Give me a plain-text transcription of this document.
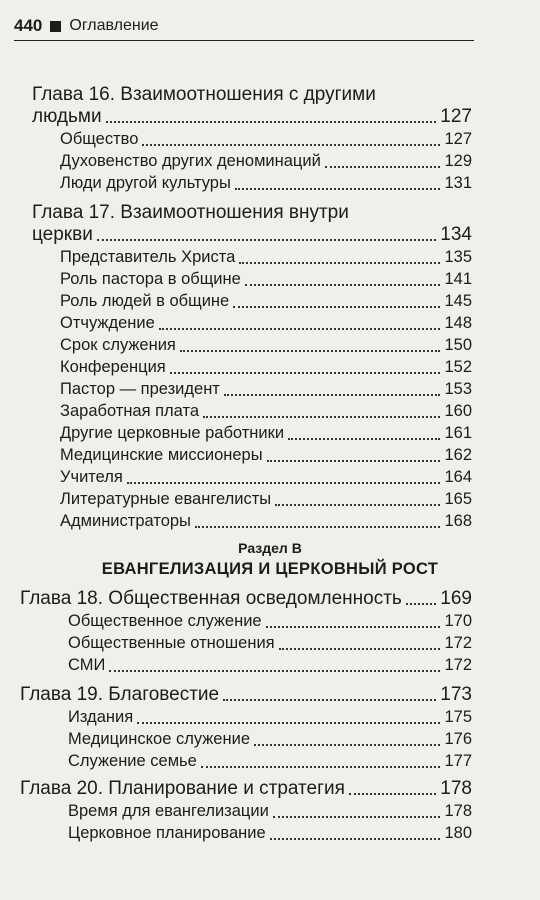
440 Оглавление
Глава 16. Взаимоотношения с другими
людьми	127
Общество	127
Духовенство других деноминаций	129
Люди другой культуры	131
Глава 17. Взаимоотношения внутри
церкви	134
Представитель Христа	135
Роль пастора в общине	141
Роль людей в общине	145
Отчуждение	148
Срок служения	150
Конференция	152
Пастор — президент	153
Заработная плата	160
Другие церковные работники	161
Медицинские миссионеры	162
Учителя	164
Литературные евангелисты	165
Администраторы	168
Раздел В
ЕВАНГЕЛИЗАЦИЯ И ЦЕРКОВНЫЙ РОСТ
Глава 18. Общественная осведомленность 169
Общественное служение	170
Общественные отношения	172
СМИ	172
Глава 19. Благовестие	173
Издания	175
Медицинское служение	176
Служение семье	177
Глава 20. Планирование и стратегия	178
Время для евангелизации	178
Церковное планирование	180
